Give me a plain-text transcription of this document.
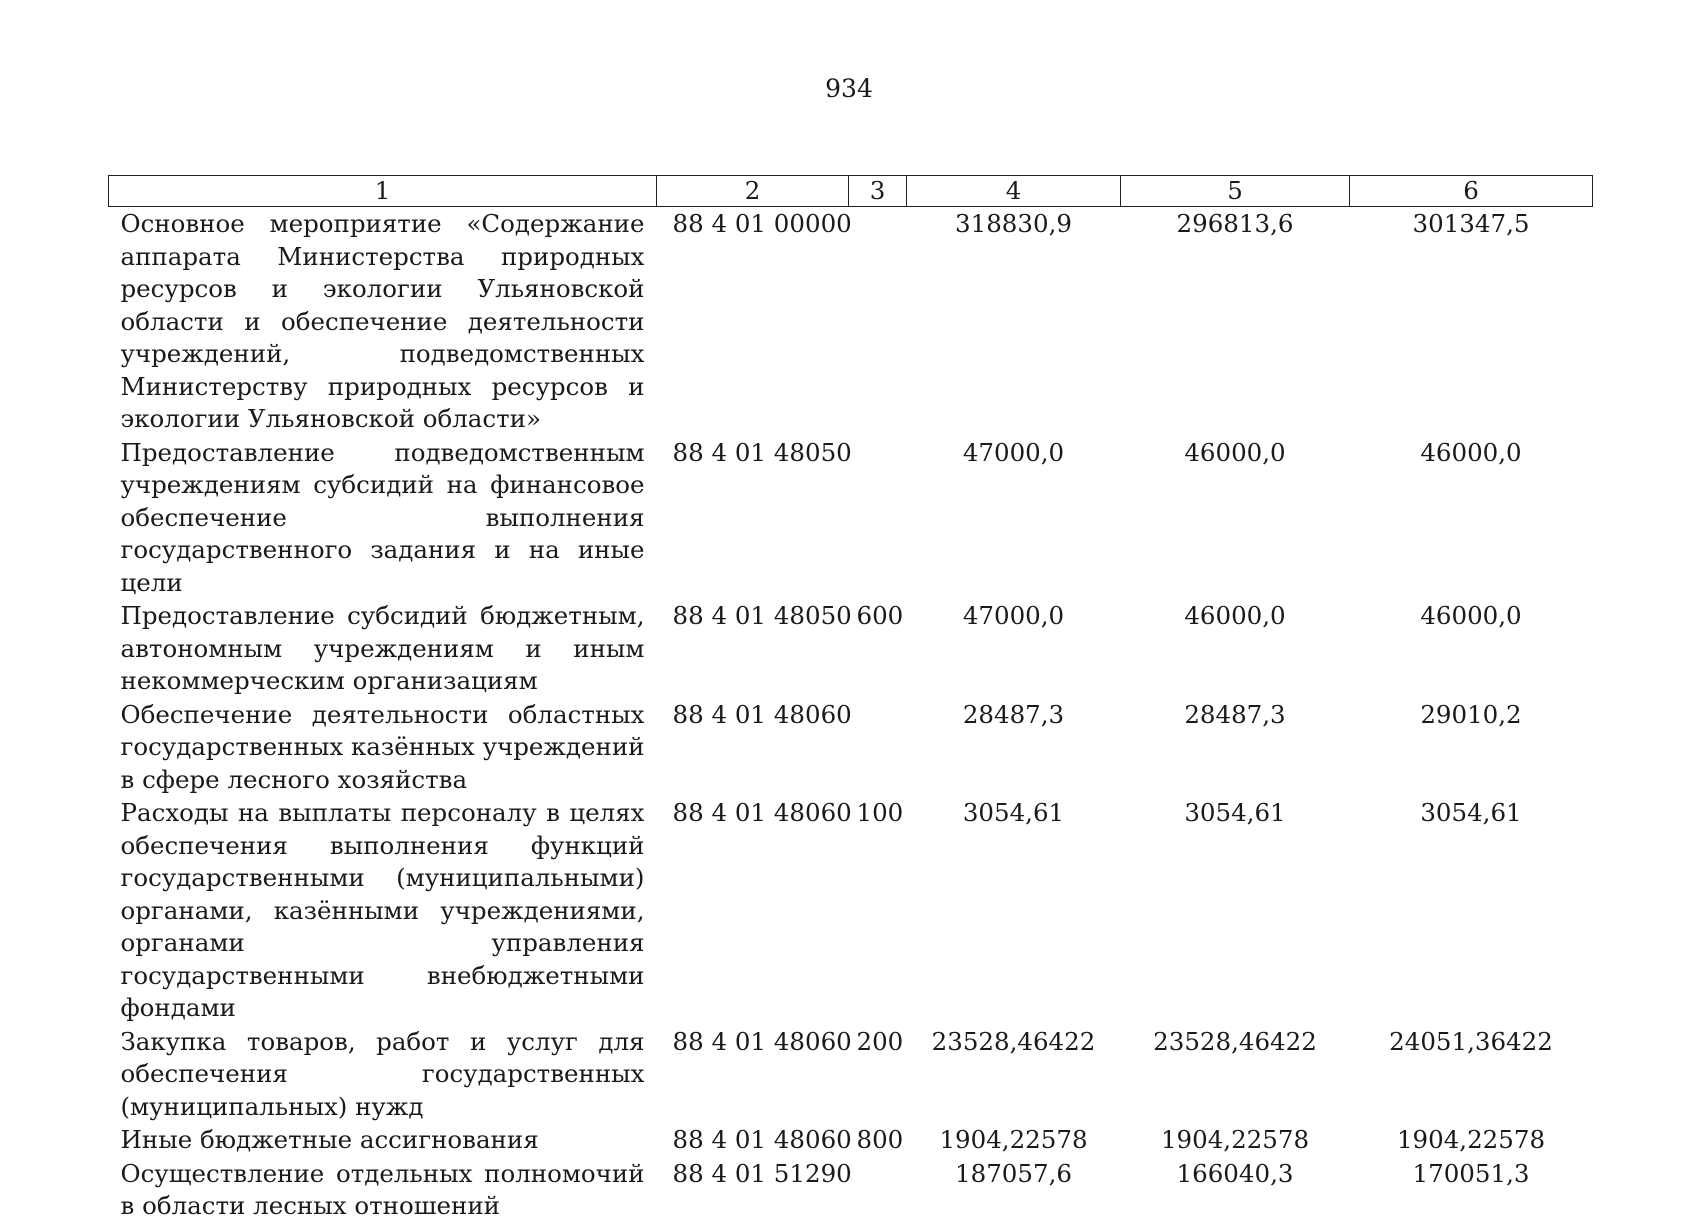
934
1	2	3	4	5	6
Основное мероприятие «Содержание аппарата Министерства природных ресурсов и экологии Ульяновской области и обеспечение деятельности учреждений, подведомственных Министерству природных ресурсов и экологии Ульяновской области»	88 4 01 00000		318830,9	296813,6	301347,5
Предоставление подведомственным учреждениям субсидий на финансовое обеспечение выполнения государственного задания и на иные цели	88 4 01 48050		47000,0	46000,0	46000,0
Предоставление субсидий бюджетным, автономным учреждениям и иным некоммерческим организациям	88 4 01 48050	600	47000,0	46000,0	46000,0
Обеспечение деятельности областных государственных казённых учреждений в сфере лесного хозяйства	88 4 01 48060		28487,3	28487,3	29010,2
Расходы на выплаты персоналу в целях обеспечения выполнения функций государственными (муниципальными) органами, казёнными учреждениями, органами управления государственными внебюджетными фондами	88 4 01 48060	100	3054,61	3054,61	3054,61
Закупка товаров, работ и услуг для обеспечения государственных (муниципальных) нужд	88 4 01 48060	200	23528,46422	23528,46422	24051,36422
Иные бюджетные ассигнования	88 4 01 48060	800	1904,22578	1904,22578	1904,22578
Осуществление отдельных полномочий в области лесных отношений	88 4 01 51290		187057,6	166040,3	170051,3
